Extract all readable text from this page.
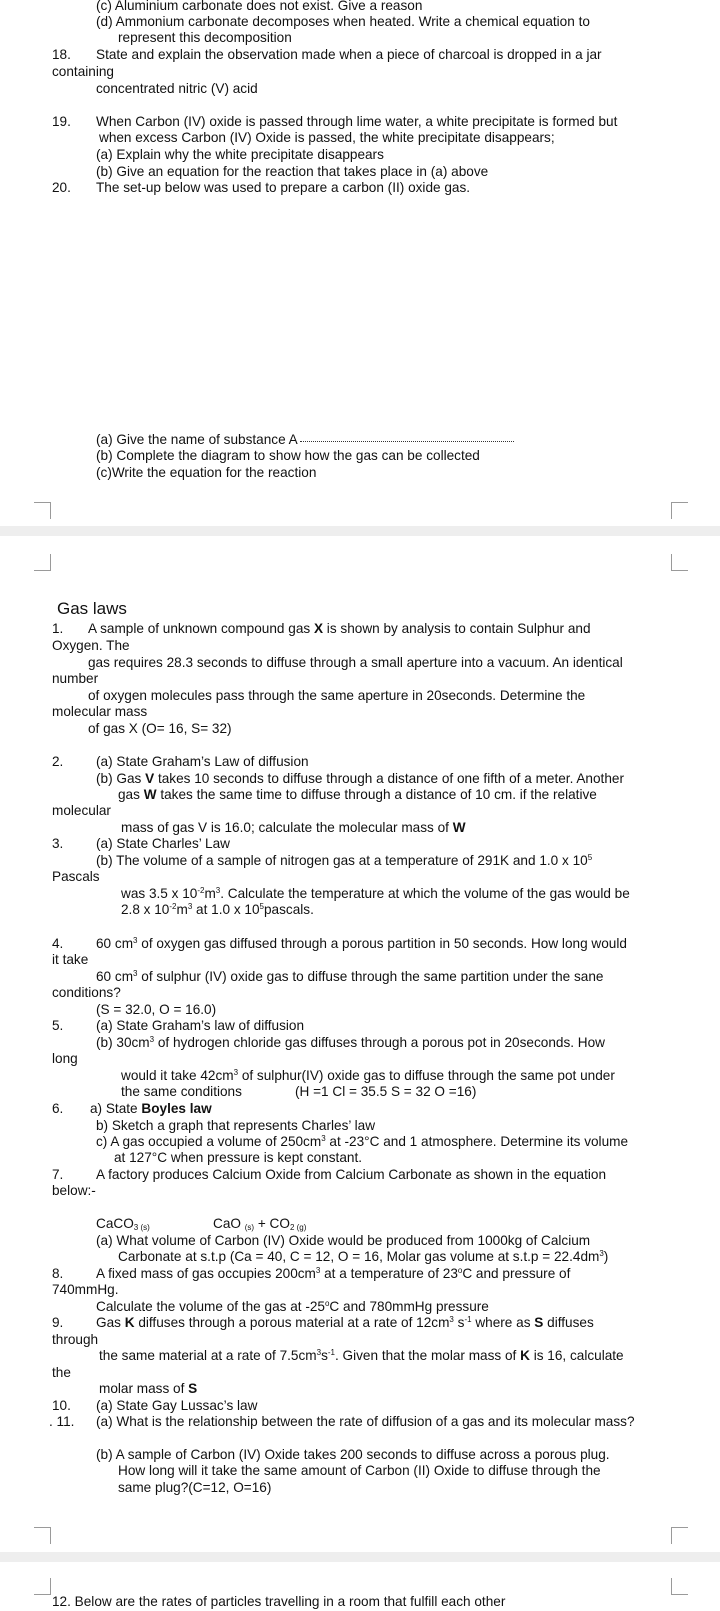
(c) Aluminium carbonate does not exist. Give a reason
(d) Ammonium carbonate decomposes when heated. Write a chemical equation to
represent this decomposition
18. State and explain the observation made when a piece of charcoal is dropped in a jar
containing
concentrated nitric (V) acid
19. When Carbon (IV) oxide is passed through lime water, a white precipitate is formed but
when excess Carbon (IV) Oxide is passed, the white precipitate disappears;
(a) Explain why the white precipitate disappears
(b) Give an equation for the reaction that takes place in (a) above
20. The set-up below was used to prepare a carbon (II) oxide gas.
(a) Give the name of substance A
(b) Complete the diagram to show how the gas can be collected
(c)Write the equation for the reaction
Gas laws
1. A sample of unknown compound gas X is shown by analysis to contain Sulphur and
Oxygen. The
gas requires 28.3 seconds to diffuse through a small aperture into a vacuum. An identical
number
of oxygen molecules pass through the same aperture in 20seconds. Determine the
molecular mass
of gas X (O= 16, S= 32)
2. (a) State Graham’s Law of diffusion
(b) Gas V takes 10 seconds to diffuse through a distance of one fifth of a meter. Another
gas W takes the same time to diffuse through a distance of 10 cm. if the relative
molecular
mass of gas V is 16.0; calculate the molecular mass of W
3. (a) State Charles’ Law
(b) The volume of a sample of nitrogen gas at a temperature of 291K and 1.0 x $10^5$
Pascals
was 3.5 x $10^{-2}m^3$. Calculate the temperature at which the volume of the gas would be
2.8 x $10^{-2}m^3$ at 1.0 x $10^5pascals$.
4. 60 $cm^3$ of oxygen gas diffused through a porous partition in 50 seconds. How long would
it take
60 $cm^3$ of sulphur (IV) oxide gas to diffuse through the same partition under the sane
conditions?
(S = 32.0, O = 16.0)
5. (a) State Graham’s law of diffusion
(b) $30cm^3$ of hydrogen chloride gas diffuses through a porous pot in 20seconds. How
long
would it take $42cm^3$ of sulphur(IV) oxide gas to diffuse through the same pot under
the same conditions	(H =1 Cl = 35.5 S = 32 O =16)
6. a) State Boyles law
b) Sketch a graph that represents Charles’ law
c) A gas occupied a volume of $250cm^3$ at -23°C and 1 atmosphere. Determine its volume
at 127°C when pressure is kept constant.
7. A factory produces Calcium Oxide from Calcium Carbonate as shown in the equation
below:-
CaCO$_{3 (s)}$	CaO $_{(s)} + CO_{2 (g)}$
(a) What volume of Carbon (IV) Oxide would be produced from 1000kg of Calcium
Carbonate at s.t.p (Ca = 40, C = 12, O = 16, Molar gas volume at $s.t.p = 22.4dm^3$)
8. A fixed mass of gas occupies $200cm^3$ at a temperature of 23$^o$C and pressure of
740mmHg.
Calculate the volume of the gas at -25$^o$C and 780mmHg pressure
9. Gas K diffuses through a porous material at a rate of $12cm^3$ $s^{-1}$ where as S diffuses
through
the same material at a rate of $7.5cm^3s^{-1}$. Given that the molar mass of K is 16, calculate
the
molar mass of S
10. (a) State Gay Lussac’s law
. 11. (a) What is the relationship between the rate of diffusion of a gas and its molecular mass?
(b) A sample of Carbon (IV) Oxide takes 200 seconds to diffuse across a porous plug.
How long will it take the same amount of Carbon (II) Oxide to diffuse through the
same plug?(C=12, O=16)
12. Below are the rates of particles travelling in a room that fulfill each other
